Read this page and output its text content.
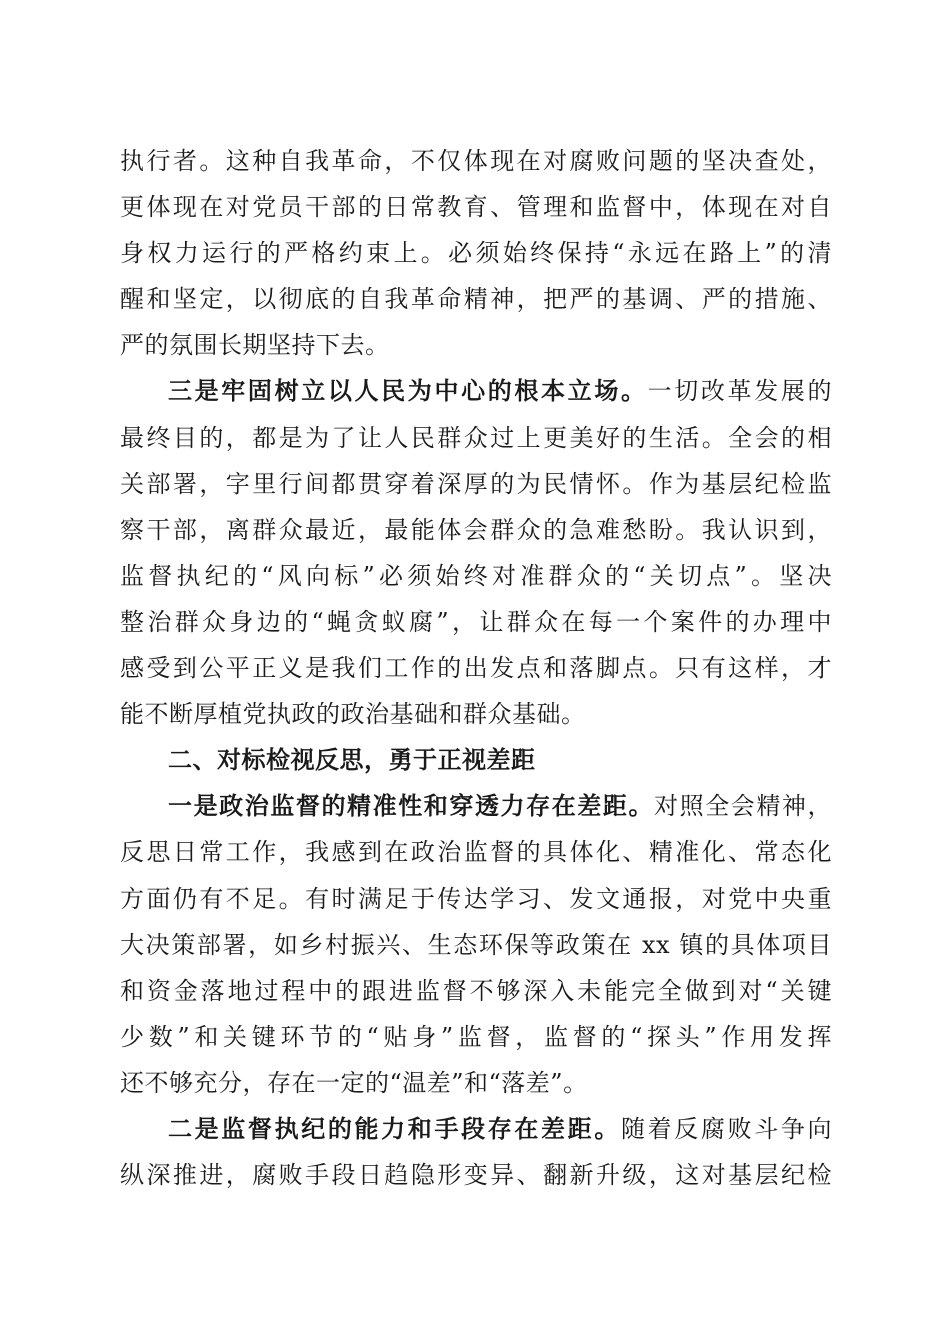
执行者。这种自我革命，不仅体现在对腐败问题的坚决查处，
更体现在对党员干部的日常教育、管理和监督中，体现在对自
身权力运行的严格约束上。必须始终保持“永远在路上”的清
醒和坚定，以彻底的自我革命精神，把严的基调、严的措施、
严的氛围长期坚持下去。
三是牢固树立以人民为中心的根本立场。一切改革发展的
最终目的，都是为了让人民群众过上更美好的生活。全会的相
关部署，字里行间都贯穿着深厚的为民情怀。作为基层纪检监
察干部，离群众最近，最能体会群众的急难愁盼。我认识到，
监督执纪的“风向标”必须始终对准群众的“关切点”。坚决
整治群众身边的“蝇贪蚁腐”，让群众在每一个案件的办理中
感受到公平正义是我们工作的出发点和落脚点。只有这样，才
能不断厚植党执政的政治基础和群众基础。
二、对标检视反思，勇于正视差距
一是政治监督的精准性和穿透力存在差距。对照全会精神，
反思日常工作，我感到在政治监督的具体化、精准化、常态化
方面仍有不足。有时满足于传达学习、发文通报，对党中央重
大决策部署，如乡村振兴、生态环保等政策在 xx 镇的具体项目
和资金落地过程中的跟进监督不够深入未能完全做到对“关键
少数”和关键环节的“贴身”监督，监督的“探头”作用发挥
还不够充分，存在一定的“温差”和“落差”。
二是监督执纪的能力和手段存在差距。随着反腐败斗争向
纵深推进，腐败手段日趋隐形变异、翻新升级，这对基层纪检
